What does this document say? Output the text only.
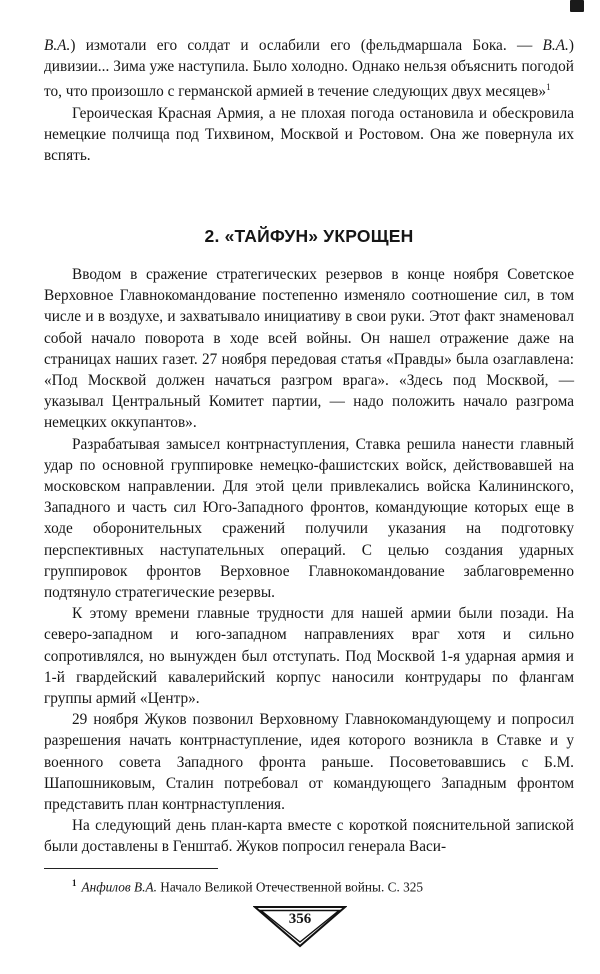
В.А.) измотали его солдат и ослабили его (фельдмаршала Бока. — В.А.) дивизии... Зима уже наступила. Было холодно. Однако нельзя объяснить погодой то, что произошло с германской армией в течение следующих двух месяцев»$^1$

Героическая Красная Армия, а не плохая погода остановила и обескровила немецкие полчища под Тихвином, Москвой и Ростовом. Она же повернула их вспять.

2. «ТАЙФУН» УКРОЩЕН

Вводом в сражение стратегических резервов в конце ноября Советское Верховное Главнокомандование постепенно изменяло соотношение сил, в том числе и в воздухе, и захватывало инициативу в свои руки. Этот факт знаменовал собой начало поворота в ходе всей войны. Он нашел отражение даже на страницах наших газет. 27 ноября передовая статья «Правды» была озаглавлена: «Под Москвой должен начаться разгром врага». «Здесь под Москвой, — указывал Центральный Комитет партии, — надо положить начало разгрома немецких оккупантов».

Разрабатывая замысел контрнаступления, Ставка решила нанести главный удар по основной группировке немецко-фашистских войск, действовавшей на московском направлении. Для этой цели привлекались войска Калининского, Западного и часть сил Юго-Западного фронтов, командующие которых еще в ходе оборонительных сражений получили указания на подготовку перспективных наступательных операций. С целью создания ударных группировок фронтов Верховное Главнокомандование заблаговременно подтянуло стратегические резервы.

К этому времени главные трудности для нашей армии были позади. На северо-западном и юго-западном направлениях враг хотя и сильно сопротивлялся, но вынужден был отступать. Под Москвой 1-я ударная армия и 1-й гвардейский кавалерийский корпус наносили контрудары по флангам группы армий «Центр».

29 ноября Жуков позвонил Верховному Главнокомандующему и попросил разрешения начать контрнаступление, идея которого возникла в Ставке и у военного совета Западного фронта раньше. Посоветовавшись с Б.М. Шапошниковым, Сталин потребовал от командующего Западным фронтом представить план контрнаступления.

На следующий день план-карта вместе с короткой пояснительной запиской были доставлены в Генштаб. Жуков попросил генерала Васи-

$^1$ Анфилов В.А. Начало Великой Отечественной войны. С. 325
356
